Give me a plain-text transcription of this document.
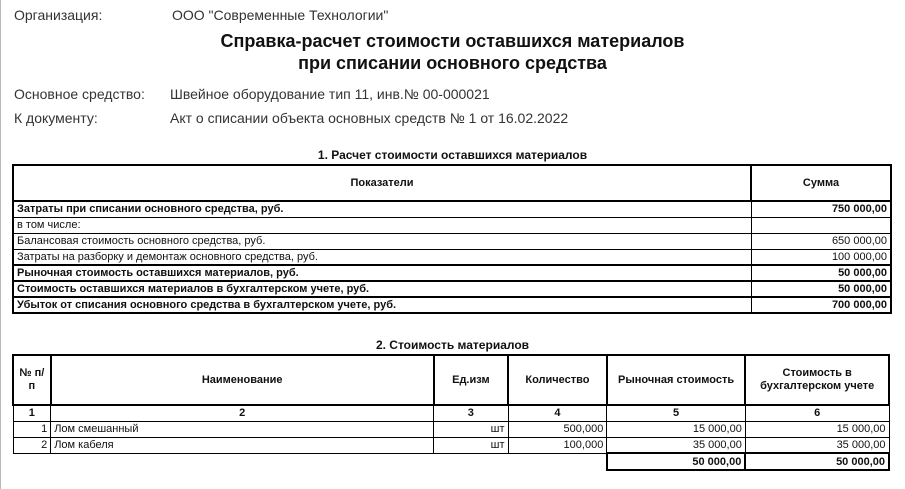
Организация:	ООО "Современные Технологии"
Справка-расчет стоимости оставшихся материалов
при списании основного средства
Основное средство: Швейное оборудование тип 11, инв.№ 00-000021
К документу:	Акт о списании объекта основных средств № 1 от 16.02.2022
1. Расчет стоимости оставшихся материалов
Показатели	Сумма
Затраты при списании основного средства, руб.	750 000,00
в том числе:	
Балансовая стоимость основного средства, руб.	650 000,00
Затраты на разборку и демонтаж основного средства, руб.	100 000,00
Рыночная стоимость оставшихся материалов, руб.	50 000,00
Стоимость оставшихся материалов в бухгалтерском учете, руб.	50 000,00
Убыток от списания основного средства в бухгалтерском учете, руб.	700 000,00
2. Стоимость материалов
№ п/п	Наименование	Ед.изм	Количество	Рыночная стоимость	Стоимость в бухгалтерском учете
1	2	3	4	5	6
1	Лом смешанный	шт	500,000	15 000,00	15 000,00
2	Лом кабеля	шт	100,000	35 000,00	35 000,00
				50 000,00	50 000,00
